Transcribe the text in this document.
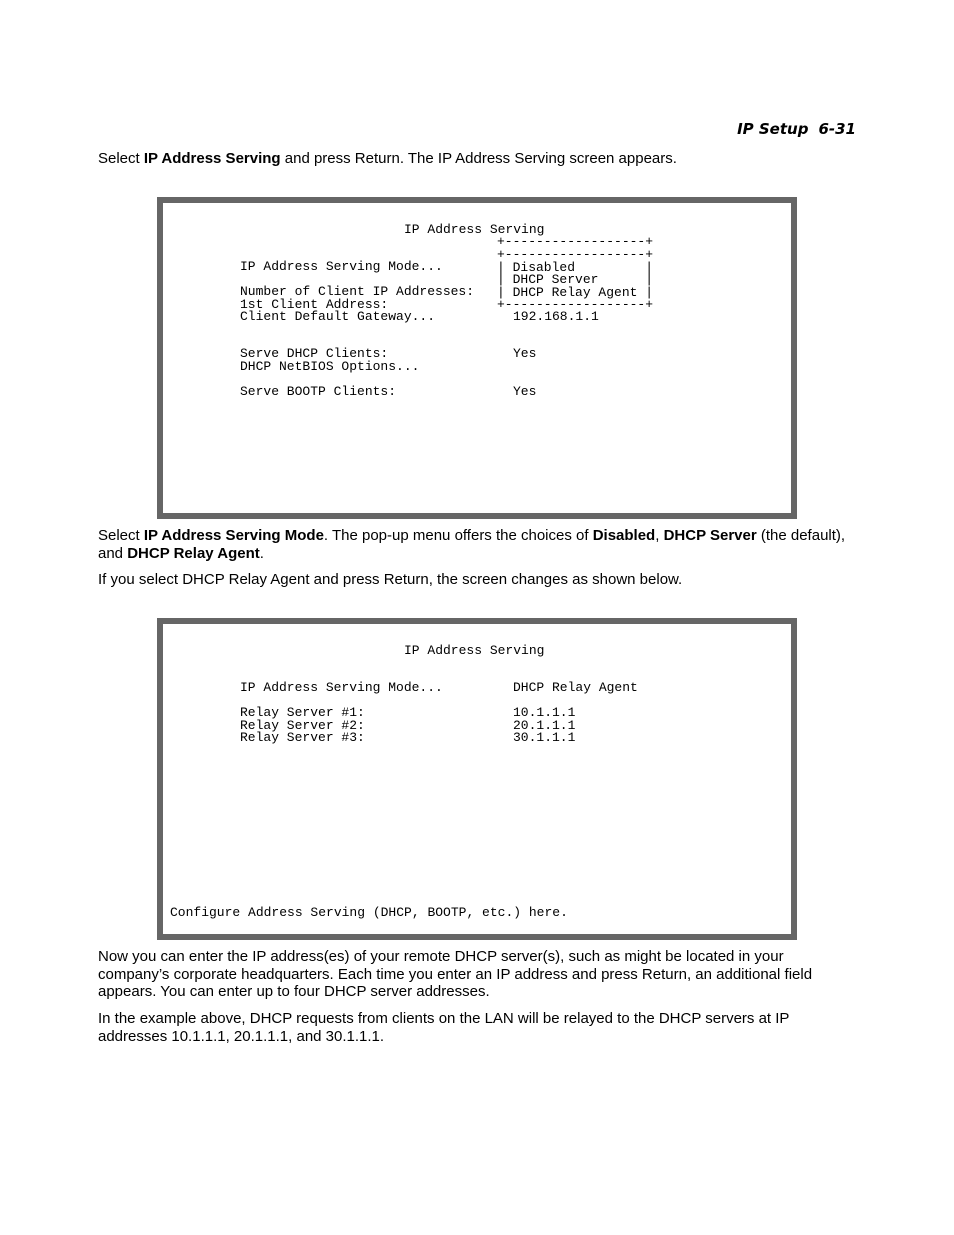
IP Setup 6-31
Select IP Address Serving and press Return. The IP Address Serving screen appears.
IP Address Serving
+------------------+
IP Address Serving Mode...

Number of Client IP Addresses:
1st Client Address:
Client Default Gateway...
+------------------+
| Disabled         |
| DHCP Server      |
| DHCP Relay Agent |
+------------------+
192.168.1.1
Serve DHCP Clients:
DHCP NetBIOS Options...
Yes
Serve BOOTP Clients:	Yes
Select IP Address Serving Mode. The pop-up menu offers the choices of Disabled, DHCP Server (the default), and DHCP Relay Agent.
If you select DHCP Relay Agent and press Return, the screen changes as shown below.
IP Address Serving
IP Address Serving Mode...	DHCP Relay Agent
Relay Server #1:
Relay Server #2:
Relay Server #3:
10.1.1.1
20.1.1.1
30.1.1.1
Configure Address Serving (DHCP, BOOTP, etc.) here.
Now you can enter the IP address(es) of your remote DHCP server(s), such as might be located in your company’s corporate headquarters. Each time you enter an IP address and press Return, an additional field appears. You can enter up to four DHCP server addresses.
In the example above, DHCP requests from clients on the LAN will be relayed to the DHCP servers at IP addresses 10.1.1.1, 20.1.1.1, and 30.1.1.1.
